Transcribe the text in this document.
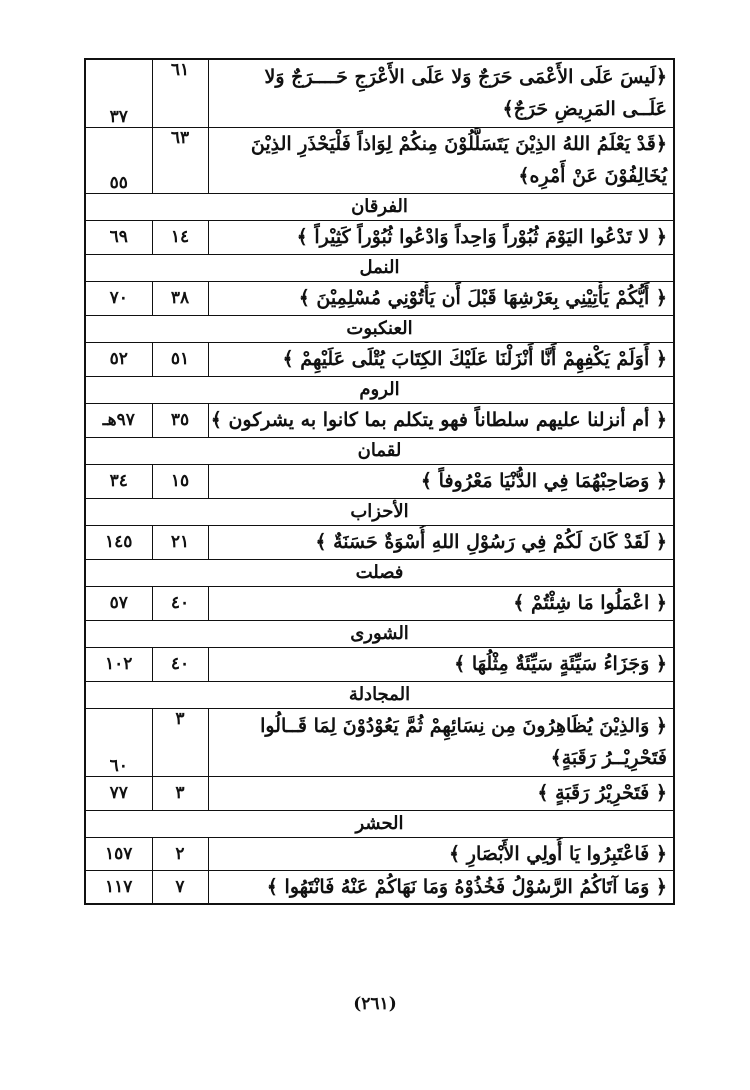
٣٧	٦١	﴿لَيسَ عَلَى الأَعْمَى حَرَجٌ وَلا عَلَى الأَعْرَجِ حَــــرَجٌ وَلا عَلَــى المَرِيضِ حَرَجٌ﴾
٥٥	٦٣	﴿قَدْ يَعْلَمُ اللهُ الذِيْنَ يَتَسَلَّلُوْنَ مِنكُمْ لِوَاذاً فَلْيَحْذَرِ الذِيْنَ يُخَالِفُوْنَ عَنْ أَمْرِه﴾
الفرقان		
٦٩	١٤	﴿ لا تَدْعُوا اليَوْمَ ثُبُوْراً وَاحِداً وَادْعُوا ثُبُوْراً كَثِيْراً ﴾
النمل		
٧٠	٣٨	﴿ أَيُّكُمْ يَأْتِيْنِي بِعَرْشِهَا قَبْلَ أَن يَأْتُوْنِي مُسْلِمِيْنَ ﴾
العنكبوت		
٥٢	٥١	﴿ أَوَلَمْ يَكْفِهِمْ أَنَّا أَنْزَلْنَا عَلَيْكَ الكِتَابَ يُتْلَى عَلَيْهِمْ ﴾
الروم		
٩٧هـ	٣٥	﴿ أم أنزلنا عليهم سلطاناً فهو يتكلم بما كانوا به يشركون ﴾
لقمان		
٣٤	١٥	﴿ وَصَاحِبْهُمَا فِي الدُّنْيَا مَعْرُوفاً ﴾
الأحزاب		
١٤٥	٢١	﴿ لَقَدْ كَانَ لَكُمْ فِي رَسُوْلِ اللهِ أُسْوَةٌ حَسَنَةٌ ﴾
فصلت		
٥٧	٤٠	﴿ اعْمَلُوا مَا شِئْتُمْ ﴾
الشورى		
١٠٢	٤٠	﴿ وَجَزَاءُ سَيِّئَةٍ سَيِّئَةٌ مِثْلُهَا ﴾
المجادلة		
٦٠	٣	﴿ وَالذِيْنَ يُظَاهِرُونَ مِن نِسَائِهِمْ ثُمَّ يَعُوْدُوْنَ لِمَا قَــالُوا فَتَحْرِيْــرُ رَقَبَةٍ﴾
٧٧	٣	﴿ فَتَحْرِيْرُ رَقَبَةٍ ﴾
الحشر		
١٥٧	٢	﴿ فَاعْتَبِرُوا يَا أُولِي الأَبْصَارِ ﴾
١١٧	٧	﴿ وَمَا آتَاكُمُ الرَّسُوْلُ فَخُذُوْهُ وَمَا نَهَاكُمْ عَنْهُ فَانْتَهُوا ﴾
(٢٦١)
